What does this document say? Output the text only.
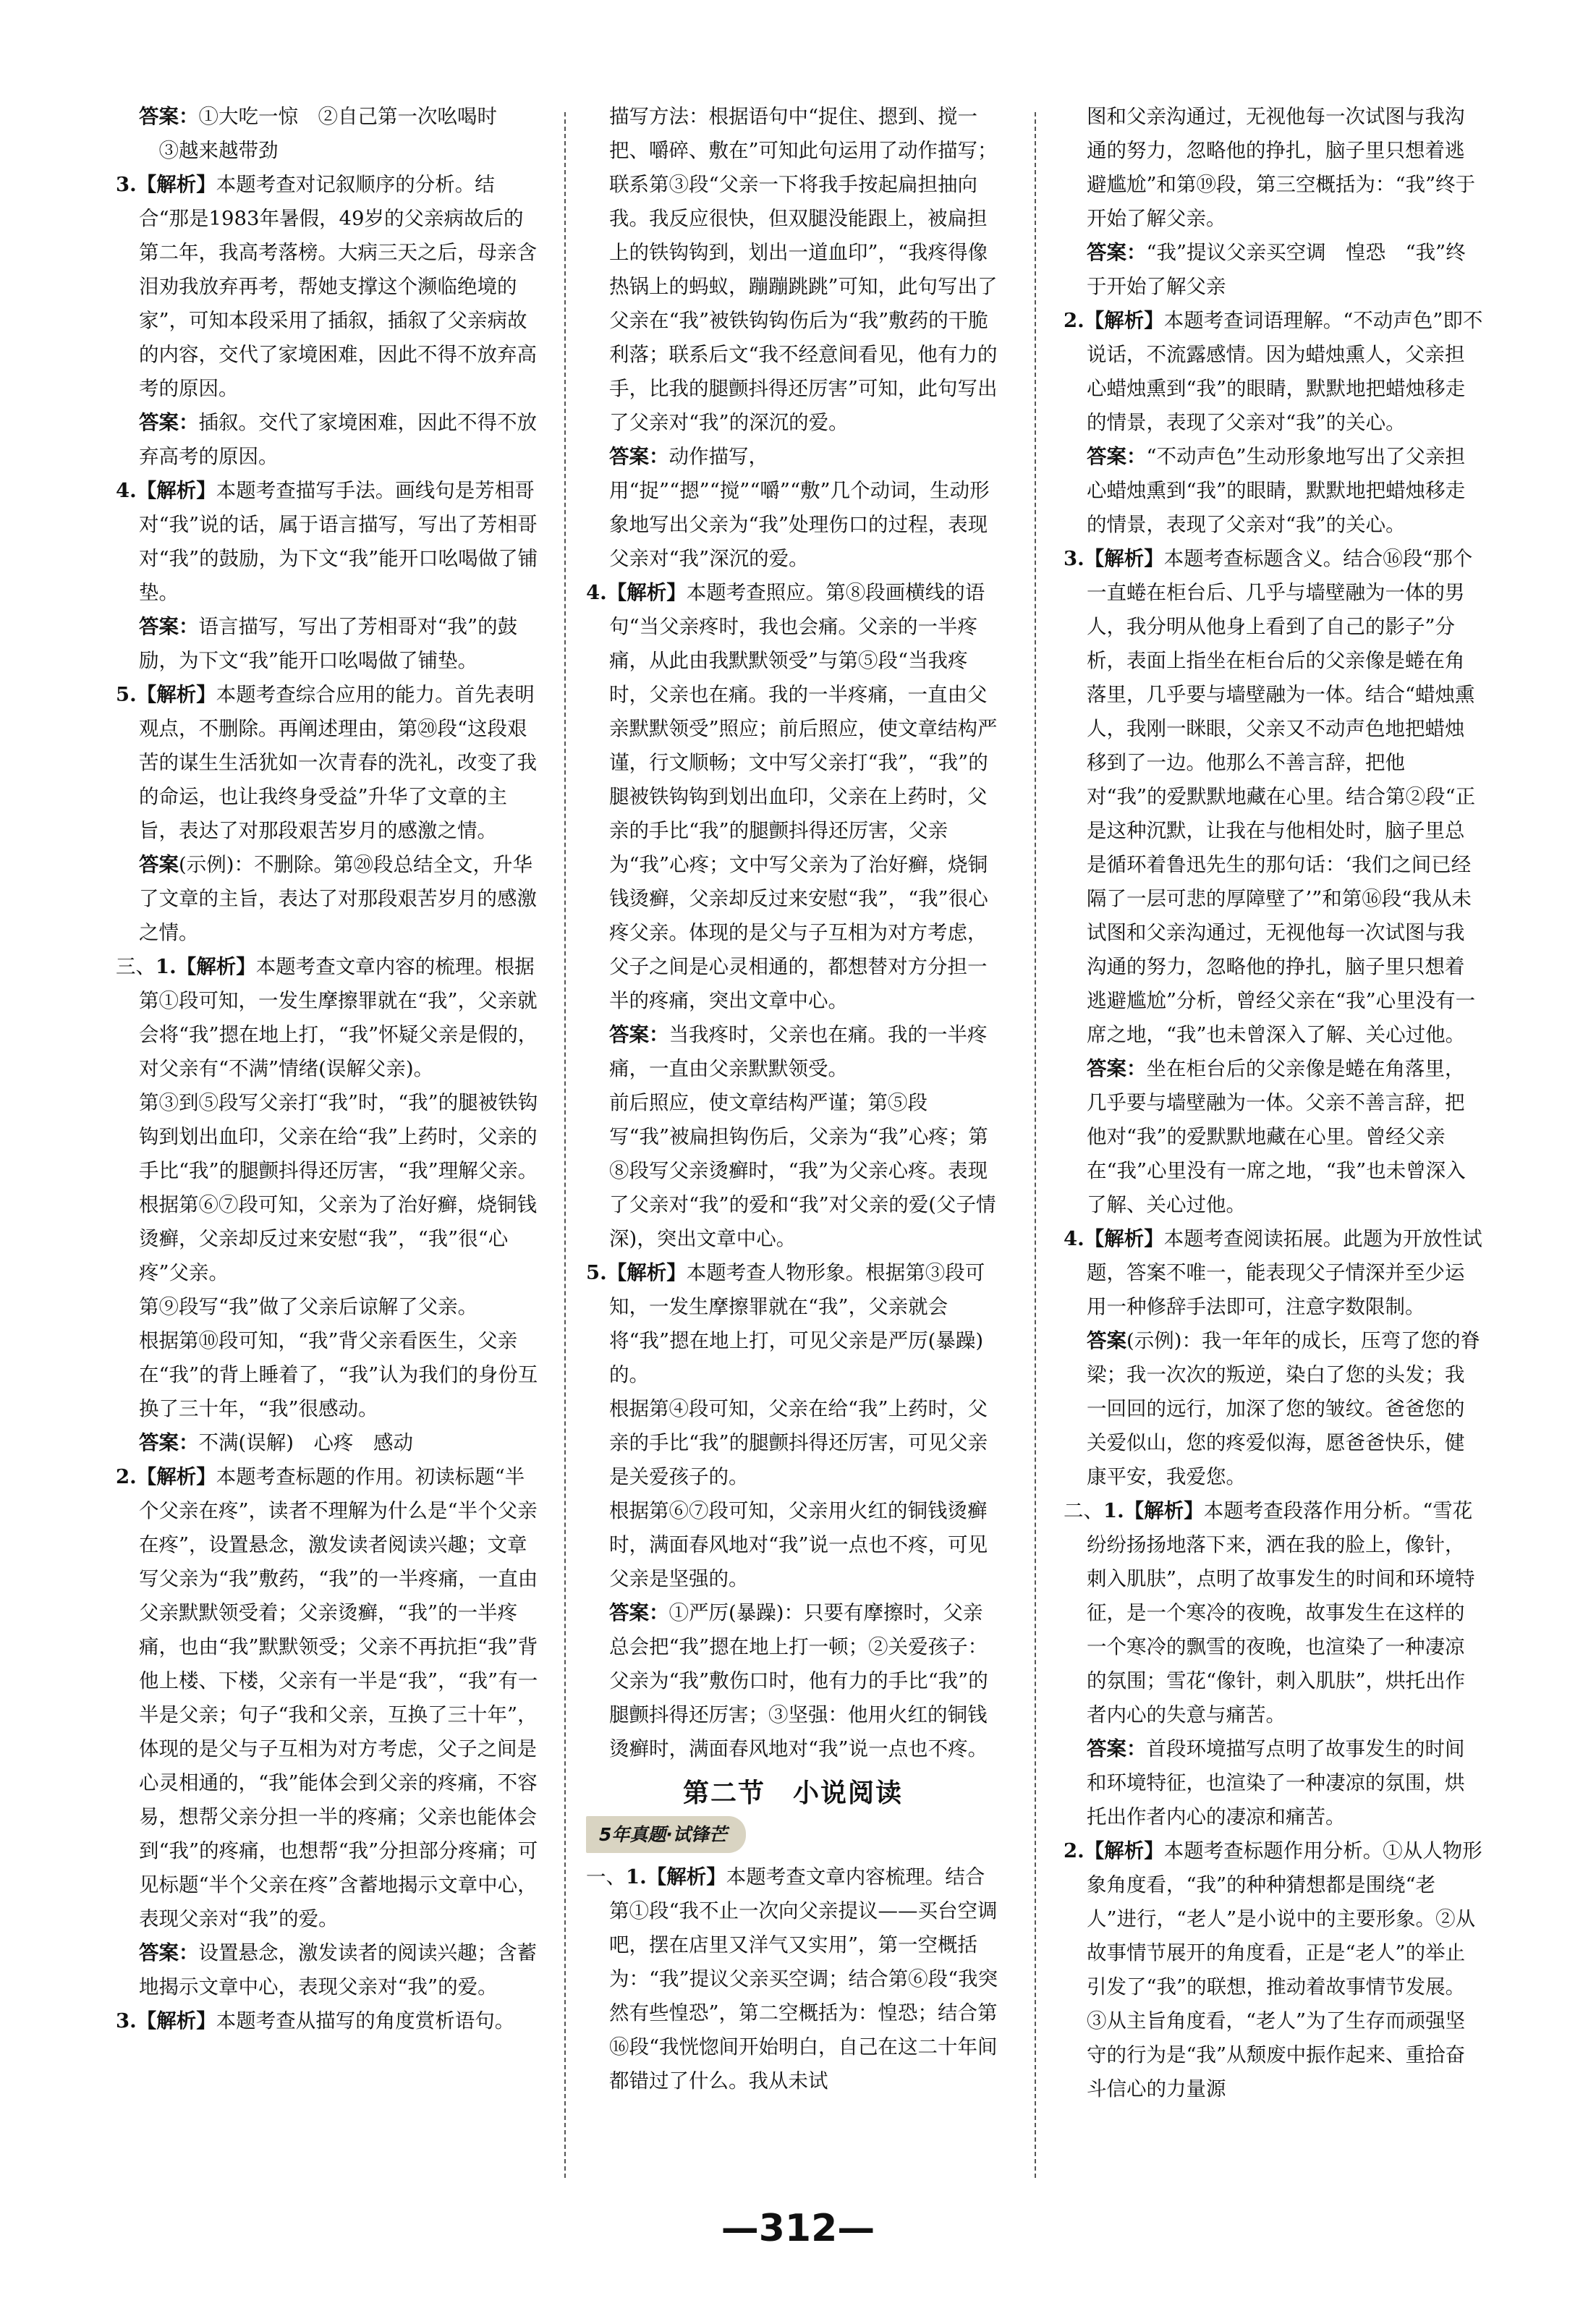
答案：①大吃一惊　②自己第一次吆喝时

　③越来越带劲

3.【解析】本题考查对记叙顺序的分析。结合“那是1983年暑假，49岁的父亲病故后的第二年，我高考落榜。大病三天之后，母亲含泪劝我放弃再考，帮她支撑这个濒临绝境的家”，可知本段采用了插叙，插叙了父亲病故的内容，交代了家境困难，因此不得不放弃高考的原因。

答案：插叙。交代了家境困难，因此不得不放弃高考的原因。

4.【解析】本题考查描写手法。画线句是芳相哥对“我”说的话，属于语言描写，写出了芳相哥对“我”的鼓励，为下文“我”能开口吆喝做了铺垫。

答案：语言描写，写出了芳相哥对“我”的鼓励，为下文“我”能开口吆喝做了铺垫。

5.【解析】本题考查综合应用的能力。首先表明观点，不删除。再阐述理由，第⑳段“这段艰苦的谋生生活犹如一次青春的洗礼，改变了我的命运，也让我终身受益”升华了文章的主旨，表达了对那段艰苦岁月的感激之情。

答案(示例)：不删除。第⑳段总结全文，升华了文章的主旨，表达了对那段艰苦岁月的感激之情。

三、1.【解析】本题考查文章内容的梳理。根据第①段可知，一发生摩擦罪就在“我”，父亲就会将“我”摁在地上打，“我”怀疑父亲是假的，对父亲有“不满”情绪(误解父亲)。

第③到⑤段写父亲打“我”时，“我”的腿被铁钩钩到划出血印，父亲在给“我”上药时，父亲的手比“我”的腿颤抖得还厉害，“我”理解父亲。

根据第⑥⑦段可知，父亲为了治好癣，烧铜钱烫癣，父亲却反过来安慰“我”，“我”很“心疼”父亲。

第⑨段写“我”做了父亲后谅解了父亲。

根据第⑩段可知，“我”背父亲看医生，父亲在“我”的背上睡着了，“我”认为我们的身份互换了三十年，“我”很感动。

答案：不满(误解)　心疼　感动

2.【解析】本题考查标题的作用。初读标题“半个父亲在疼”，读者不理解为什么是“半个父亲在疼”，设置悬念，激发读者阅读兴趣；文章写父亲为“我”敷药，“我”的一半疼痛，一直由父亲默默领受着；父亲烫癣，“我”的一半疼痛，也由“我”默默领受；父亲不再抗拒“我”背他上楼、下楼，父亲有一半是“我”，“我”有一半是父亲；句子“我和父亲，互换了三十年”，体现的是父与子互相为对方考虑，父子之间是心灵相通的，“我”能体会到父亲的疼痛，不容易，想帮父亲分担一半的疼痛；父亲也能体会到“我”的疼痛，也想帮“我”分担部分疼痛；可见标题“半个父亲在疼”含蓄地揭示文章中心，表现父亲对“我”的爱。

答案：设置悬念，激发读者的阅读兴趣；含蓄地揭示文章中心，表现父亲对“我”的爱。

3.【解析】本题考查从描写的角度赏析语句。

描写方法：根据语句中“捉住、摁到、搅一把、嚼碎、敷在”可知此句运用了动作描写；联系第③段“父亲一下将我手按起扁担抽向我。我反应很快，但双腿没能跟上，被扁担上的铁钩钩到，划出一道血印”，“我疼得像热锅上的蚂蚁，蹦蹦跳跳”可知，此句写出了父亲在“我”被铁钩钩伤后为“我”敷药的干脆利落；联系后文“我不经意间看见，他有力的手，比我的腿颤抖得还厉害”可知，此句写出了父亲对“我”的深沉的爱。

答案：动作描写，用“捉”“摁”“搅”“嚼”“敷”几个动词，生动形象地写出父亲为“我”处理伤口的过程，表现父亲对“我”深沉的爱。

4.【解析】本题考查照应。第⑧段画横线的语句“当父亲疼时，我也会痛。父亲的一半疼痛，从此由我默默领受”与第⑤段“当我疼时，父亲也在痛。我的一半疼痛，一直由父亲默默领受”照应；前后照应，使文章结构严谨，行文顺畅；文中写父亲打“我”，“我”的腿被铁钩钩到划出血印，父亲在上药时，父亲的手比“我”的腿颤抖得还厉害，父亲为“我”心疼；文中写父亲为了治好癣，烧铜钱烫癣，父亲却反过来安慰“我”，“我”很心疼父亲。体现的是父与子互相为对方考虑，父子之间是心灵相通的，都想替对方分担一半的疼痛，突出文章中心。

答案：当我疼时，父亲也在痛。我的一半疼痛，一直由父亲默默领受。

前后照应，使文章结构严谨；第⑤段写“我”被扁担钩伤后，父亲为“我”心疼；第⑧段写父亲烫癣时，“我”为父亲心疼。表现了父亲对“我”的爱和“我”对父亲的爱(父子情深)，突出文章中心。

5.【解析】本题考查人物形象。根据第③段可知，一发生摩擦罪就在“我”，父亲就会将“我”摁在地上打，可见父亲是严厉(暴躁)的。

根据第④段可知，父亲在给“我”上药时，父亲的手比“我”的腿颤抖得还厉害，可见父亲是关爱孩子的。

根据第⑥⑦段可知，父亲用火红的铜钱烫癣时，满面春风地对“我”说一点也不疼，可见父亲是坚强的。

答案：①严厉(暴躁)：只要有摩擦时，父亲总会把“我”摁在地上打一顿；②关爱孩子：父亲为“我”敷伤口时，他有力的手比“我”的腿颤抖得还厉害；③坚强：他用火红的铜钱烫癣时，满面春风地对“我”说一点也不疼。

第二节　小说阅读
5年真题·试锋芒

一、1.【解析】本题考查文章内容梳理。结合第①段“我不止一次向父亲提议——买台空调吧，摆在店里又洋气又实用”，第一空概括为：“我”提议父亲买空调；结合第⑥段“我突然有些惶恐”，第二空概括为：惶恐；结合第⑯段“我恍惚间开始明白，自己在这二十年间都错过了什么。我从未试

图和父亲沟通过，无视他每一次试图与我沟通的努力，忽略他的挣扎，脑子里只想着逃避尴尬”和第⑲段，第三空概括为：“我”终于开始了解父亲。

答案：“我”提议父亲买空调　惶恐　“我”终于开始了解父亲

2.【解析】本题考查词语理解。“不动声色”即不说话，不流露感情。因为蜡烛熏人，父亲担心蜡烛熏到“我”的眼睛，默默地把蜡烛移走的情景，表现了父亲对“我”的关心。

答案：“不动声色”生动形象地写出了父亲担心蜡烛熏到“我”的眼睛，默默地把蜡烛移走的情景，表现了父亲对“我”的关心。

3.【解析】本题考查标题含义。结合⑯段“那个一直蜷在柜台后、几乎与墙壁融为一体的男人，我分明从他身上看到了自己的影子”分析，表面上指坐在柜台后的父亲像是蜷在角落里，几乎要与墙壁融为一体。结合“蜡烛熏人，我刚一眯眼，父亲又不动声色地把蜡烛移到了一边。他那么不善言辞，把他对“我”的爱默默地藏在心里。结合第②段“正是这种沉默，让我在与他相处时，脑子里总是循环着鲁迅先生的那句话：‘我们之间已经隔了一层可悲的厚障壁了’”和第⑯段“我从未试图和父亲沟通过，无视他每一次试图与我沟通的努力，忽略他的挣扎，脑子里只想着逃避尴尬”分析，曾经父亲在“我”心里没有一席之地，“我”也未曾深入了解、关心过他。

答案：坐在柜台后的父亲像是蜷在角落里，几乎要与墙壁融为一体。父亲不善言辞，把他对“我”的爱默默地藏在心里。曾经父亲在“我”心里没有一席之地，“我”也未曾深入了解、关心过他。

4.【解析】本题考查阅读拓展。此题为开放性试题，答案不唯一，能表现父子情深并至少运用一种修辞手法即可，注意字数限制。

答案(示例)：我一年年的成长，压弯了您的脊梁；我一次次的叛逆，染白了您的头发；我一回回的远行，加深了您的皱纹。爸爸您的关爱似山，您的疼爱似海，愿爸爸快乐，健康平安，我爱您。

二、1.【解析】本题考查段落作用分析。“雪花纷纷扬扬地落下来，洒在我的脸上，像针，刺入肌肤”，点明了故事发生的时间和环境特征，是一个寒冷的夜晚，故事发生在这样的一个寒冷的飘雪的夜晚，也渲染了一种凄凉的氛围；雪花“像针，刺入肌肤”，烘托出作者内心的失意与痛苦。

答案：首段环境描写点明了故事发生的时间和环境特征，也渲染了一种凄凉的氛围，烘托出作者内心的凄凉和痛苦。

2.【解析】本题考查标题作用分析。①从人物形象角度看，“我”的种种猜想都是围绕“老人”进行，“老人”是小说中的主要形象。②从故事情节展开的角度看，正是“老人”的举止引发了“我”的联想，推动着故事情节发展。③从主旨角度看，“老人”为了生存而顽强坚守的行为是“我”从颓废中振作起来、重拾奋斗信心的力量源

—312—
